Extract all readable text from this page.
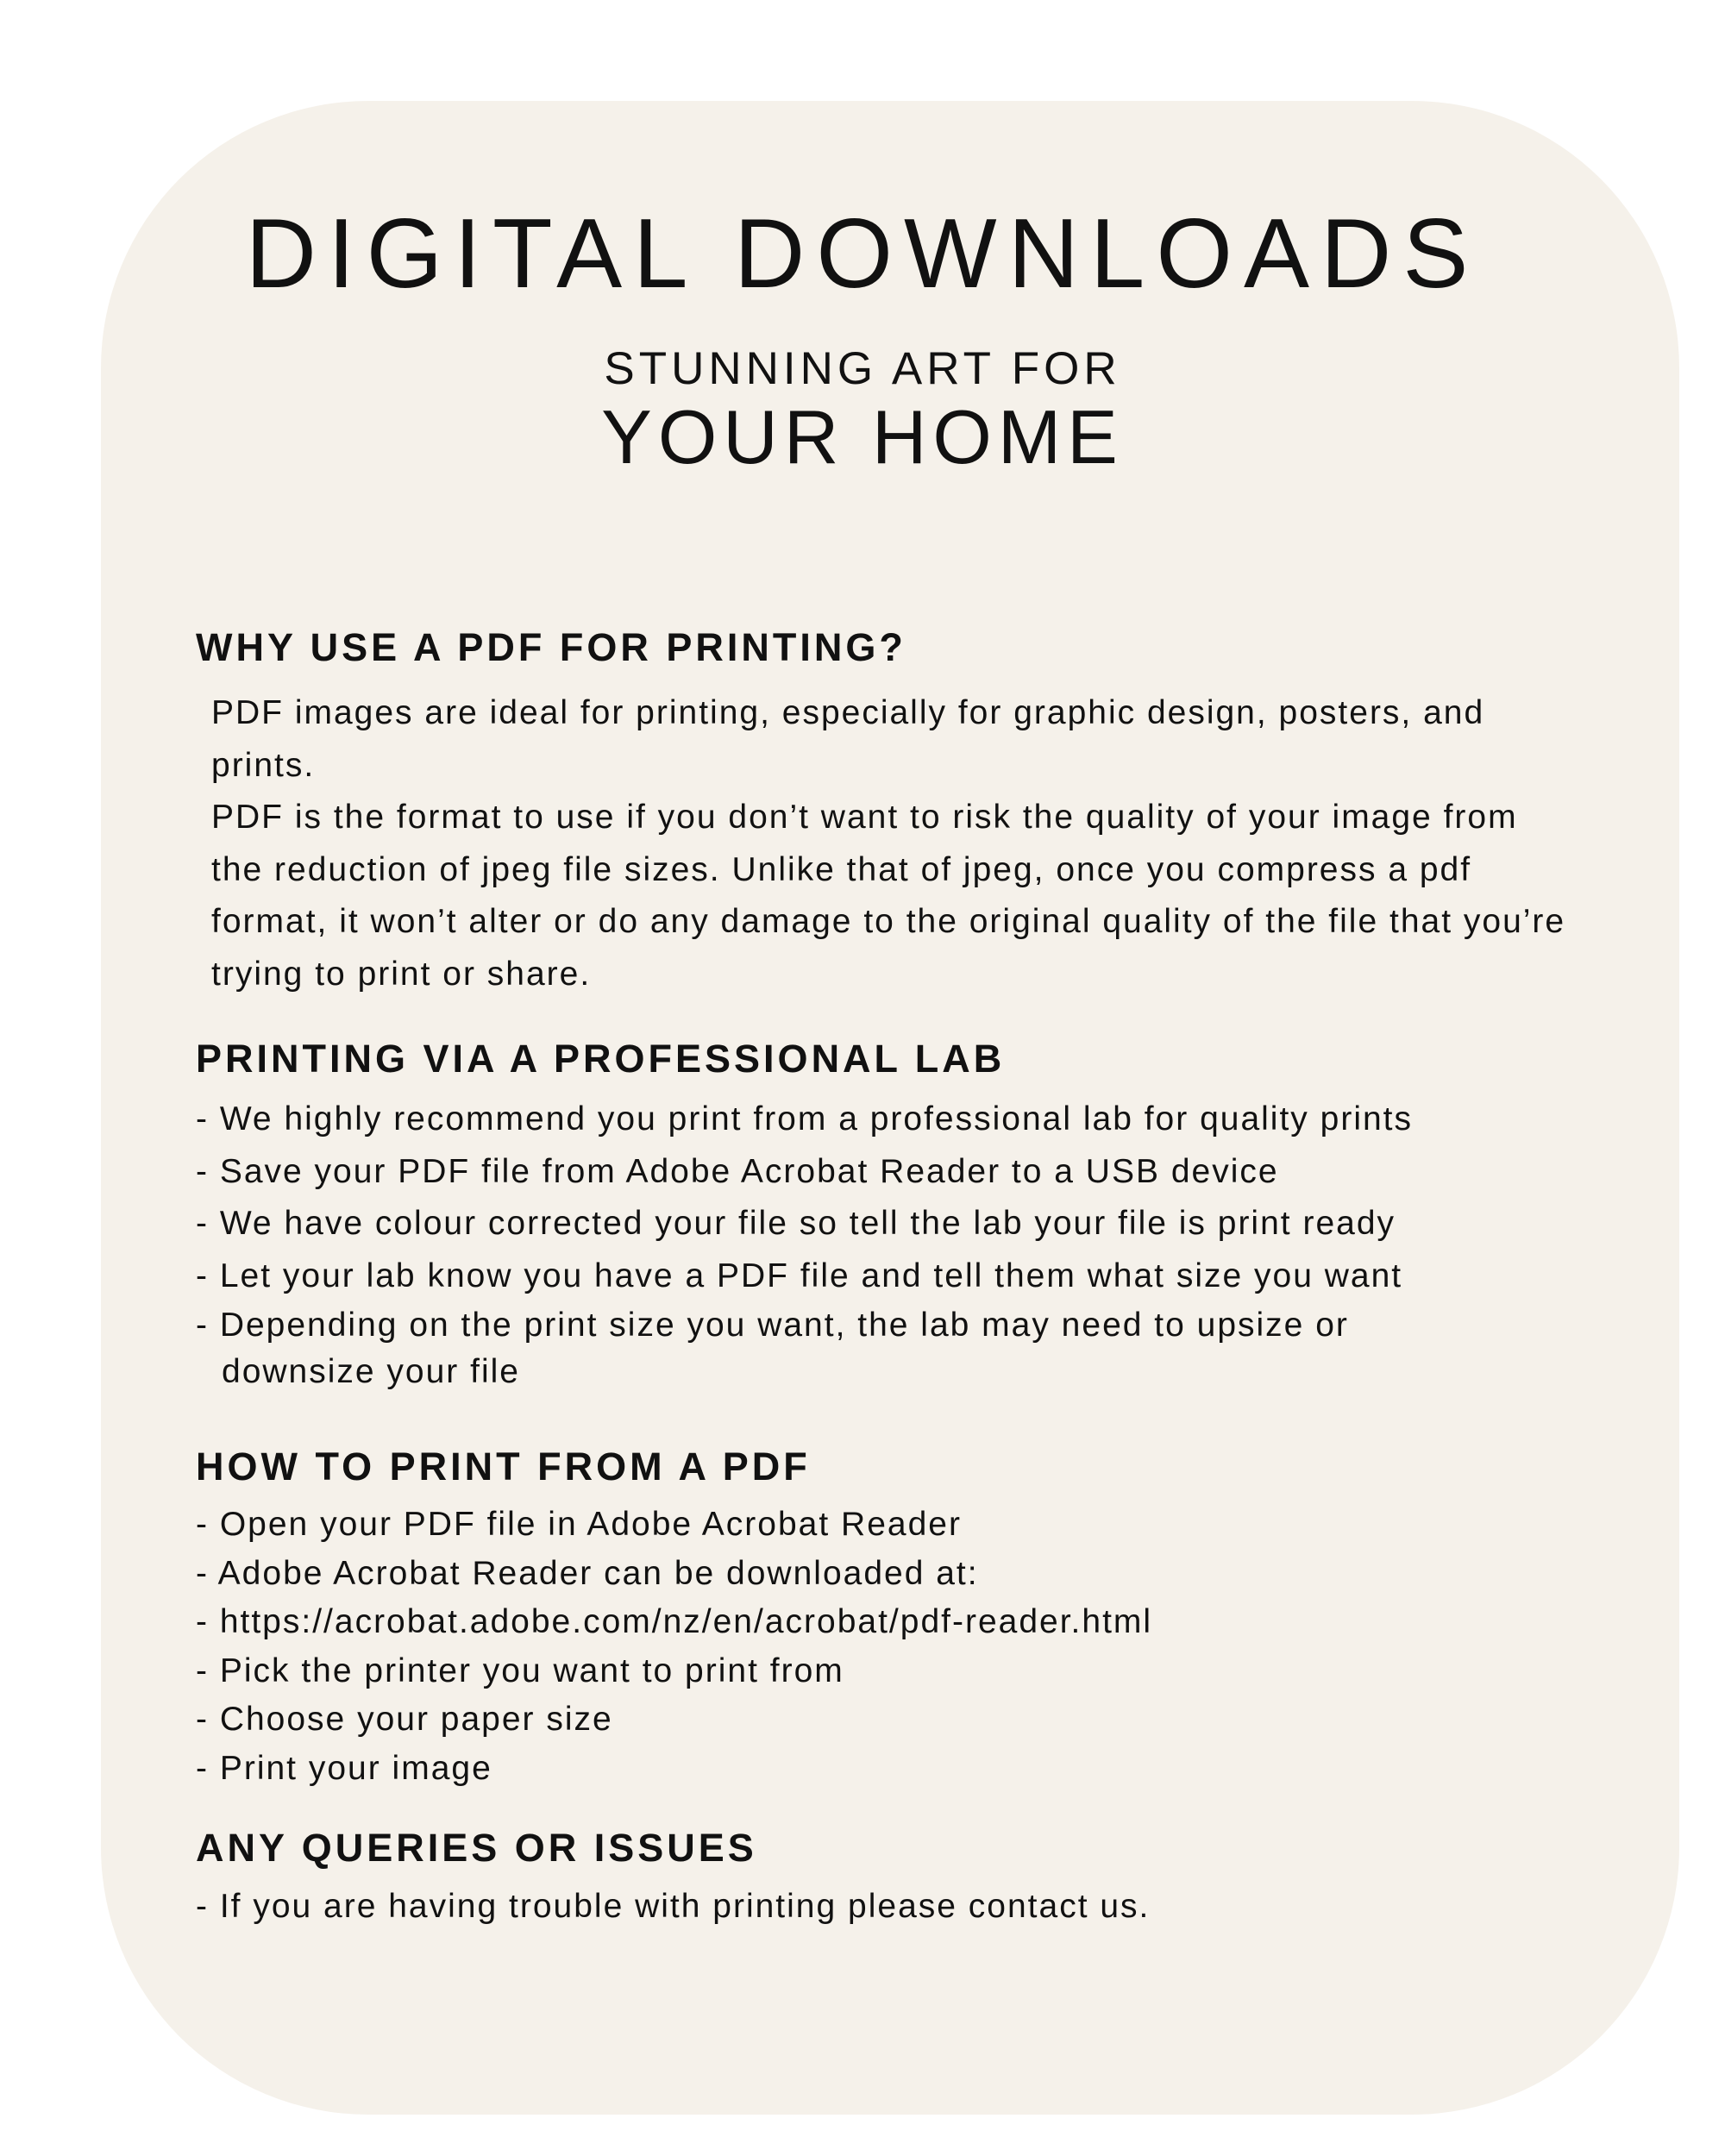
DIGITAL DOWNLOADS
STUNNING ART FOR
YOUR HOME
WHY USE A PDF FOR PRINTING?

PDF images are ideal for printing, especially for graphic design, posters, and prints.

PDF is the format to use if you don’t want to risk the quality of your image from the reduction of jpeg file sizes. Unlike that of jpeg, once you compress a pdf format, it won’t alter or do any damage to the original quality of the file that you’re trying to print or share.

PRINTING VIA A PROFESSIONAL LAB
- We highly recommend you print from a professional lab for quality prints
- Save your PDF file from Adobe Acrobat Reader to a USB device
- We have colour corrected your file so tell the lab your file is print ready
- Let your lab know you have a PDF file and tell them what size you want
- Depending on the print size you want, the lab may need to upsize or downsize your file
HOW TO PRINT FROM A PDF
- Open your PDF file in Adobe Acrobat Reader
- Adobe Acrobat Reader can be downloaded at:
- https://acrobat.adobe.com/nz/en/acrobat/pdf-reader.html
- Pick the printer you want to print from
- Choose your paper size
- Print your image
ANY QUERIES OR ISSUES
- If you are having trouble with printing please contact us.
